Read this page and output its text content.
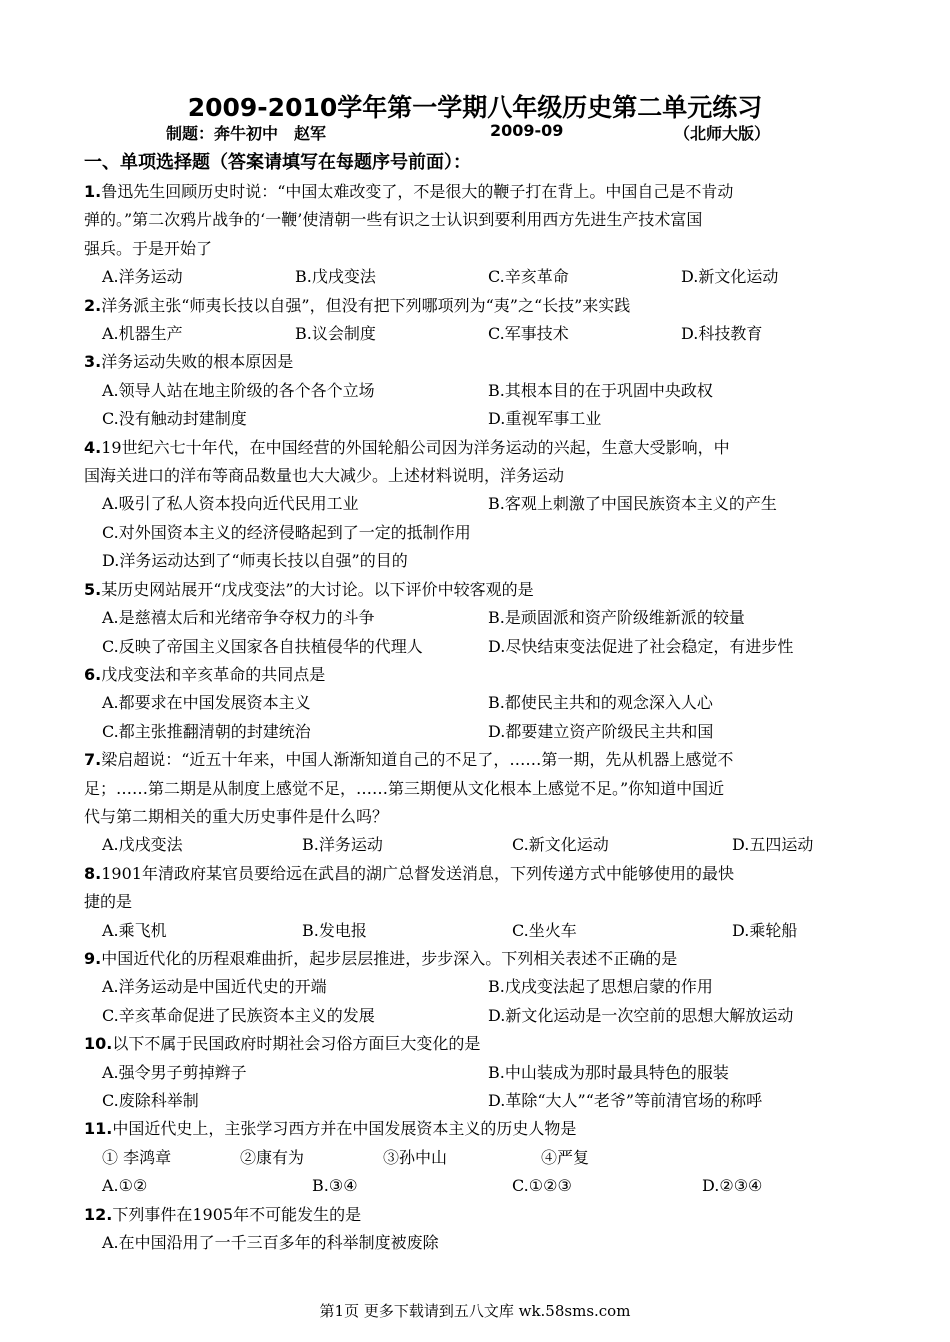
2009-2010学年第一学期八年级历史第二单元练习
制题：奔牛初中　赵军	2009-09	（北师大版）
一、单项选择题（答案请填写在每题序号前面）：
1.鲁迅先生回顾历史时说：“中国太难改变了，不是很大的鞭子打在背上。中国自己是不肯动
弹的。”第二次鸦片战争的‘一鞭’使清朝一些有识之士认识到要利用西方先进生产技术富国
强兵。于是开始了
A.洋务运动	B.戊戌变法	C.辛亥革命	D.新文化运动
2.洋务派主张“师夷长技以自强”，但没有把下列哪项列为“夷”之“长技”来实践
A.机器生产	B.议会制度	C.军事技术	D.科技教育
3.洋务运动失败的根本原因是
A.领导人站在地主阶级的各个各个立场	B.其根本目的在于巩固中央政权
C.没有触动封建制度	D.重视军事工业
4.19世纪六七十年代，在中国经营的外国轮船公司因为洋务运动的兴起，生意大受影响，中
国海关进口的洋布等商品数量也大大减少。上述材料说明，洋务运动
A.吸引了私人资本投向近代民用工业	B.客观上刺激了中国民族资本主义的产生
C.对外国资本主义的经济侵略起到了一定的抵制作用
D.洋务运动达到了“师夷长技以自强”的目的
5.某历史网站展开“戊戌变法”的大讨论。以下评价中较客观的是
A.是慈禧太后和光绪帝争夺权力的斗争	B.是顽固派和资产阶级维新派的较量
C.反映了帝国主义国家各自扶植侵华的代理人	D.尽快结束变法促进了社会稳定，有进步性
6.戊戌变法和辛亥革命的共同点是
A.都要求在中国发展资本主义	B.都使民主共和的观念深入人心
C.都主张推翻清朝的封建统治	D.都要建立资产阶级民主共和国
7.梁启超说：“近五十年来，中国人渐渐知道自己的不足了，……第一期，先从机器上感觉不
足；……第二期是从制度上感觉不足，……第三期便从文化根本上感觉不足。”你知道中国近
代与第二期相关的重大历史事件是什么吗？
A.戊戌变法	B.洋务运动	C.新文化运动	D.五四运动
8.1901年清政府某官员要给远在武昌的湖广总督发送消息，下列传递方式中能够使用的最快
捷的是
A.乘飞机	B.发电报	C.坐火车	D.乘轮船
9.中国近代化的历程艰难曲折，起步层层推进，步步深入。下列相关表述不正确的是
A.洋务运动是中国近代史的开端	B.戊戌变法起了思想启蒙的作用
C.辛亥革命促进了民族资本主义的发展	D.新文化运动是一次空前的思想大解放运动
10.以下不属于民国政府时期社会习俗方面巨大变化的是
A.强令男子剪掉辫子	B.中山装成为那时最具特色的服装
C.废除科举制	D.革除“大人”“老爷”等前清官场的称呼
11.中国近代史上，主张学习西方并在中国发展资本主义的历史人物是
① 李鸿章	②康有为	③孙中山	④严复
A.①②	B.③④	C.①②③	D.②③④
12.下列事件在1905年不可能发生的是
A.在中国沿用了一千三百多年的科举制度被废除
第1页 更多下载请到五八文库 wk.58sms.com
